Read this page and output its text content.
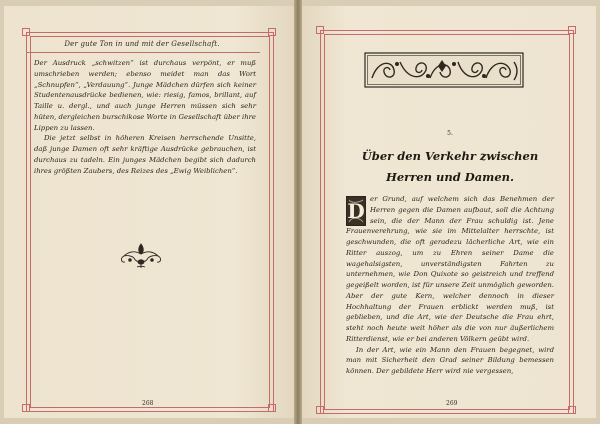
Der gute Ton in und mit der Gesellschaft.

Der Ausdruck „schwitzen“ ist durchaus verpönt, er muß umschrieben werden; ebenso meidet man das Wort „Schnupfen“, „Verdauung“. Junge Mädchen dürfen sich keiner Studentenausdrücke bedienen, wie: riesig, famos, brillant, auf Taille u. dergl., und auch junge Herren müssen sich sehr hüten, dergleichen burschikose Worte in Gesellschaft über ihre Lippen zu lassen.

Die jetzt selbst in höheren Kreisen herrschende Unsitte, daß junge Damen oft sehr kräftige Ausdrücke gebrauchen, ist durchaus zu tadeln. Ein junges Mädchen begibt sich dadurch ihres größten Zaubers, des Reizes des „Ewig Weiblichen“.

268
5.
Über den Verkehr zwischen Herren und Damen.

D er Grund, auf welchem sich das Benehmen der Herren gegen die Damen aufbaut, soll die Achtung sein, die der Mann der Frau schuldig ist. Jene Frauenverehrung, wie sie im Mittelalter herrschte, ist geschwunden, die oft geradezu lächerliche Art, wie ein Ritter auszog, um zu Ehren seiner Dame die wagehalsigsten, unverständigsten Fahrten zu unternehmen, wie Don Quixote so geistreich und treffend gegeißelt worden, ist für unsere Zeit unmöglich geworden. Aber der gute Kern, welcher dennoch in dieser Hochhaltung der Frauen erblickt werden muß, ist geblieben, und die Art, wie der Deutsche die Frau ehrt, steht noch heute weit höher als die von nur äußerlichem Ritterdienst, wie er bei anderen Völkern geübt wird.

In der Art, wie ein Mann den Frauen begegnet, wird man mit Sicherheit den Grad seiner Bildung bemessen können. Der gebildete Herr wird nie vergessen,

269
